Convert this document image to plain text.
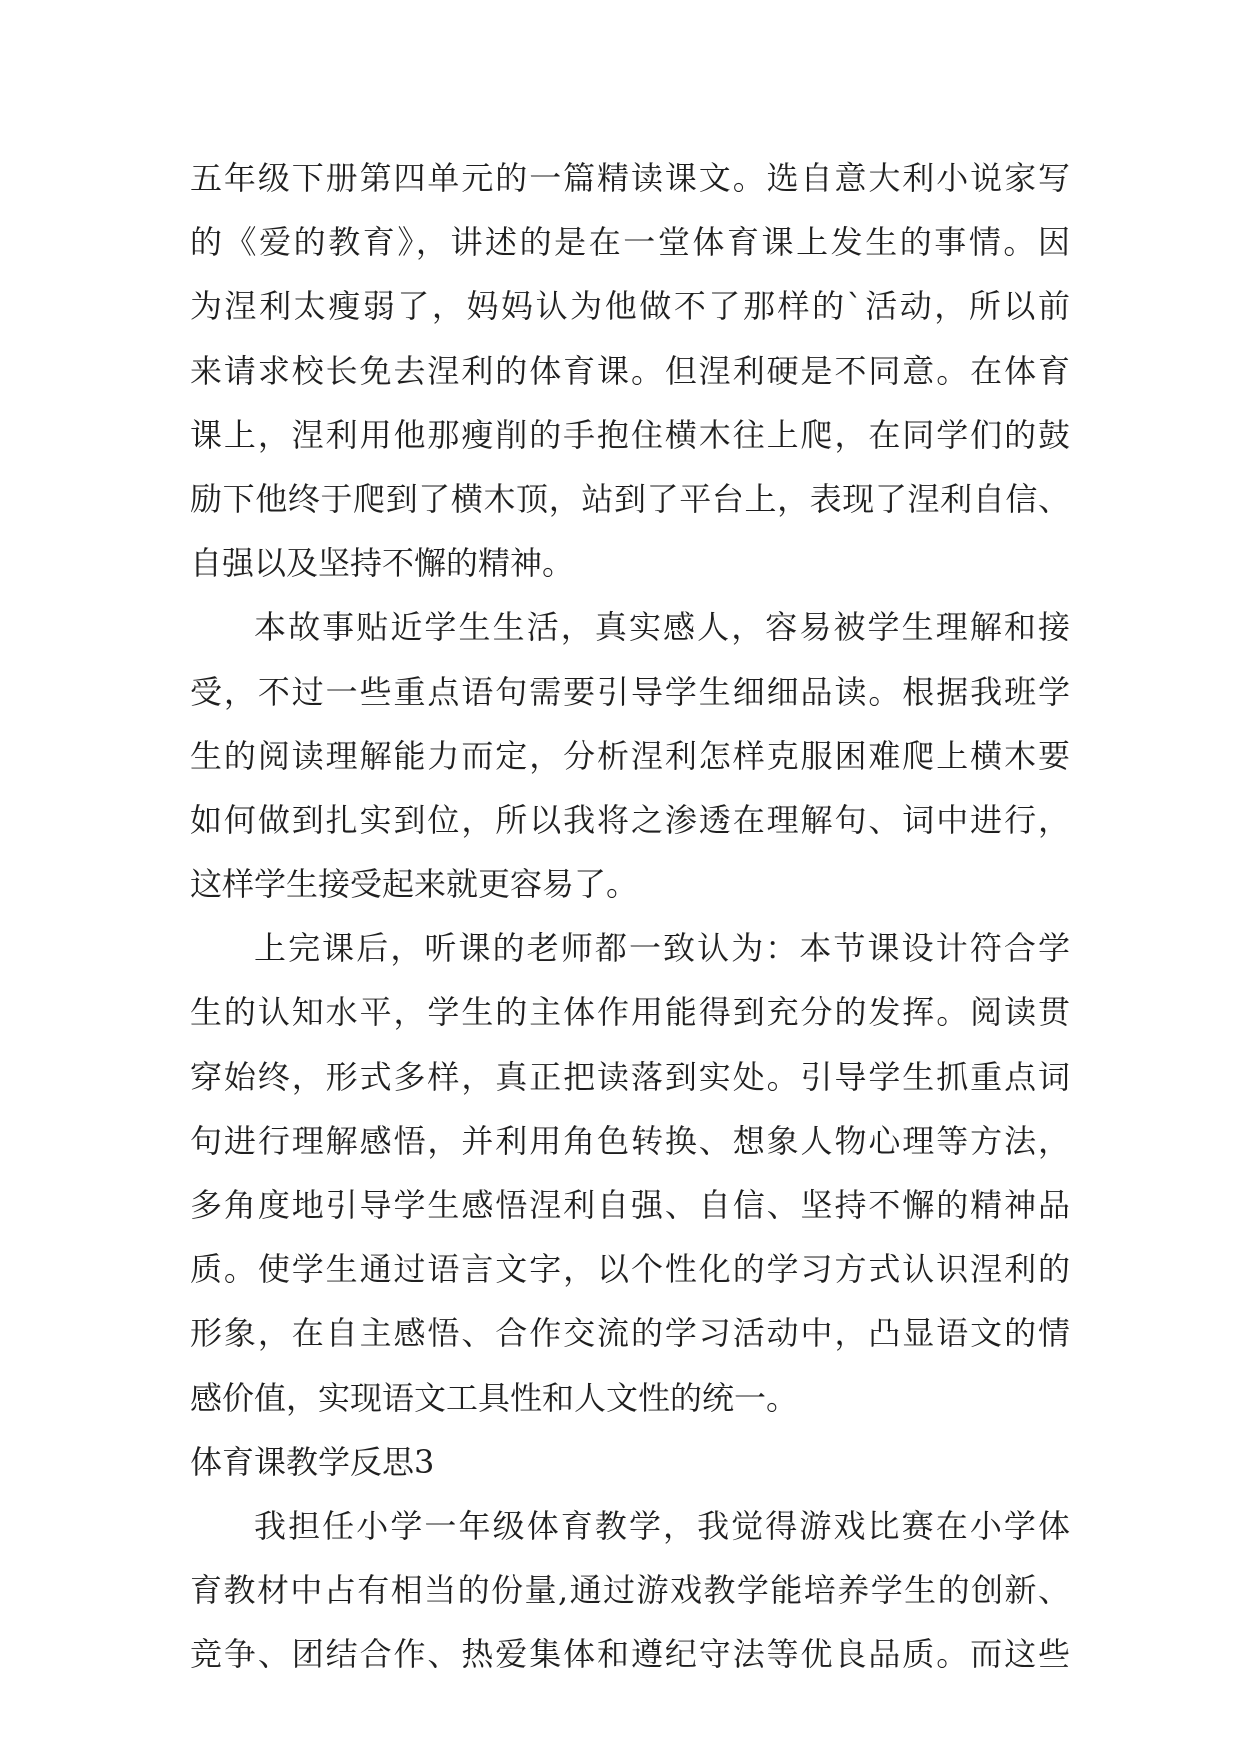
五年级下册第四单元的一篇精读课文。选自意大利小说家写
的《爱的教育》，讲述的是在一堂体育课上发生的事情。因
为涅利太瘦弱了，妈妈认为他做不了那样的`活动，所以前
来请求校长免去涅利的体育课。但涅利硬是不同意。在体育
课上，涅利用他那瘦削的手抱住横木往上爬，在同学们的鼓
励下他终于爬到了横木顶，站到了平台上，表现了涅利自信、
自强以及坚持不懈的精神。
本故事贴近学生生活，真实感人，容易被学生理解和接
受，不过一些重点语句需要引导学生细细品读。根据我班学
生的阅读理解能力而定，分析涅利怎样克服困难爬上横木要
如何做到扎实到位，所以我将之渗透在理解句、词中进行，
这样学生接受起来就更容易了。
上完课后，听课的老师都一致认为：本节课设计符合学
生的认知水平，学生的主体作用能得到充分的发挥。阅读贯
穿始终，形式多样，真正把读落到实处。引导学生抓重点词
句进行理解感悟，并利用角色转换、想象人物心理等方法，
多角度地引导学生感悟涅利自强、自信、坚持不懈的精神品
质。使学生通过语言文字，以个性化的学习方式认识涅利的
形象，在自主感悟、合作交流的学习活动中，凸显语文的情
感价值，实现语文工具性和人文性的统一。
体育课教学反思3
我担任小学一年级体育教学，我觉得游戏比赛在小学体
育教材中占有相当的份量,通过游戏教学能培养学生的创新、
竞争、团结合作、热爱集体和遵纪守法等优良品质。而这些
